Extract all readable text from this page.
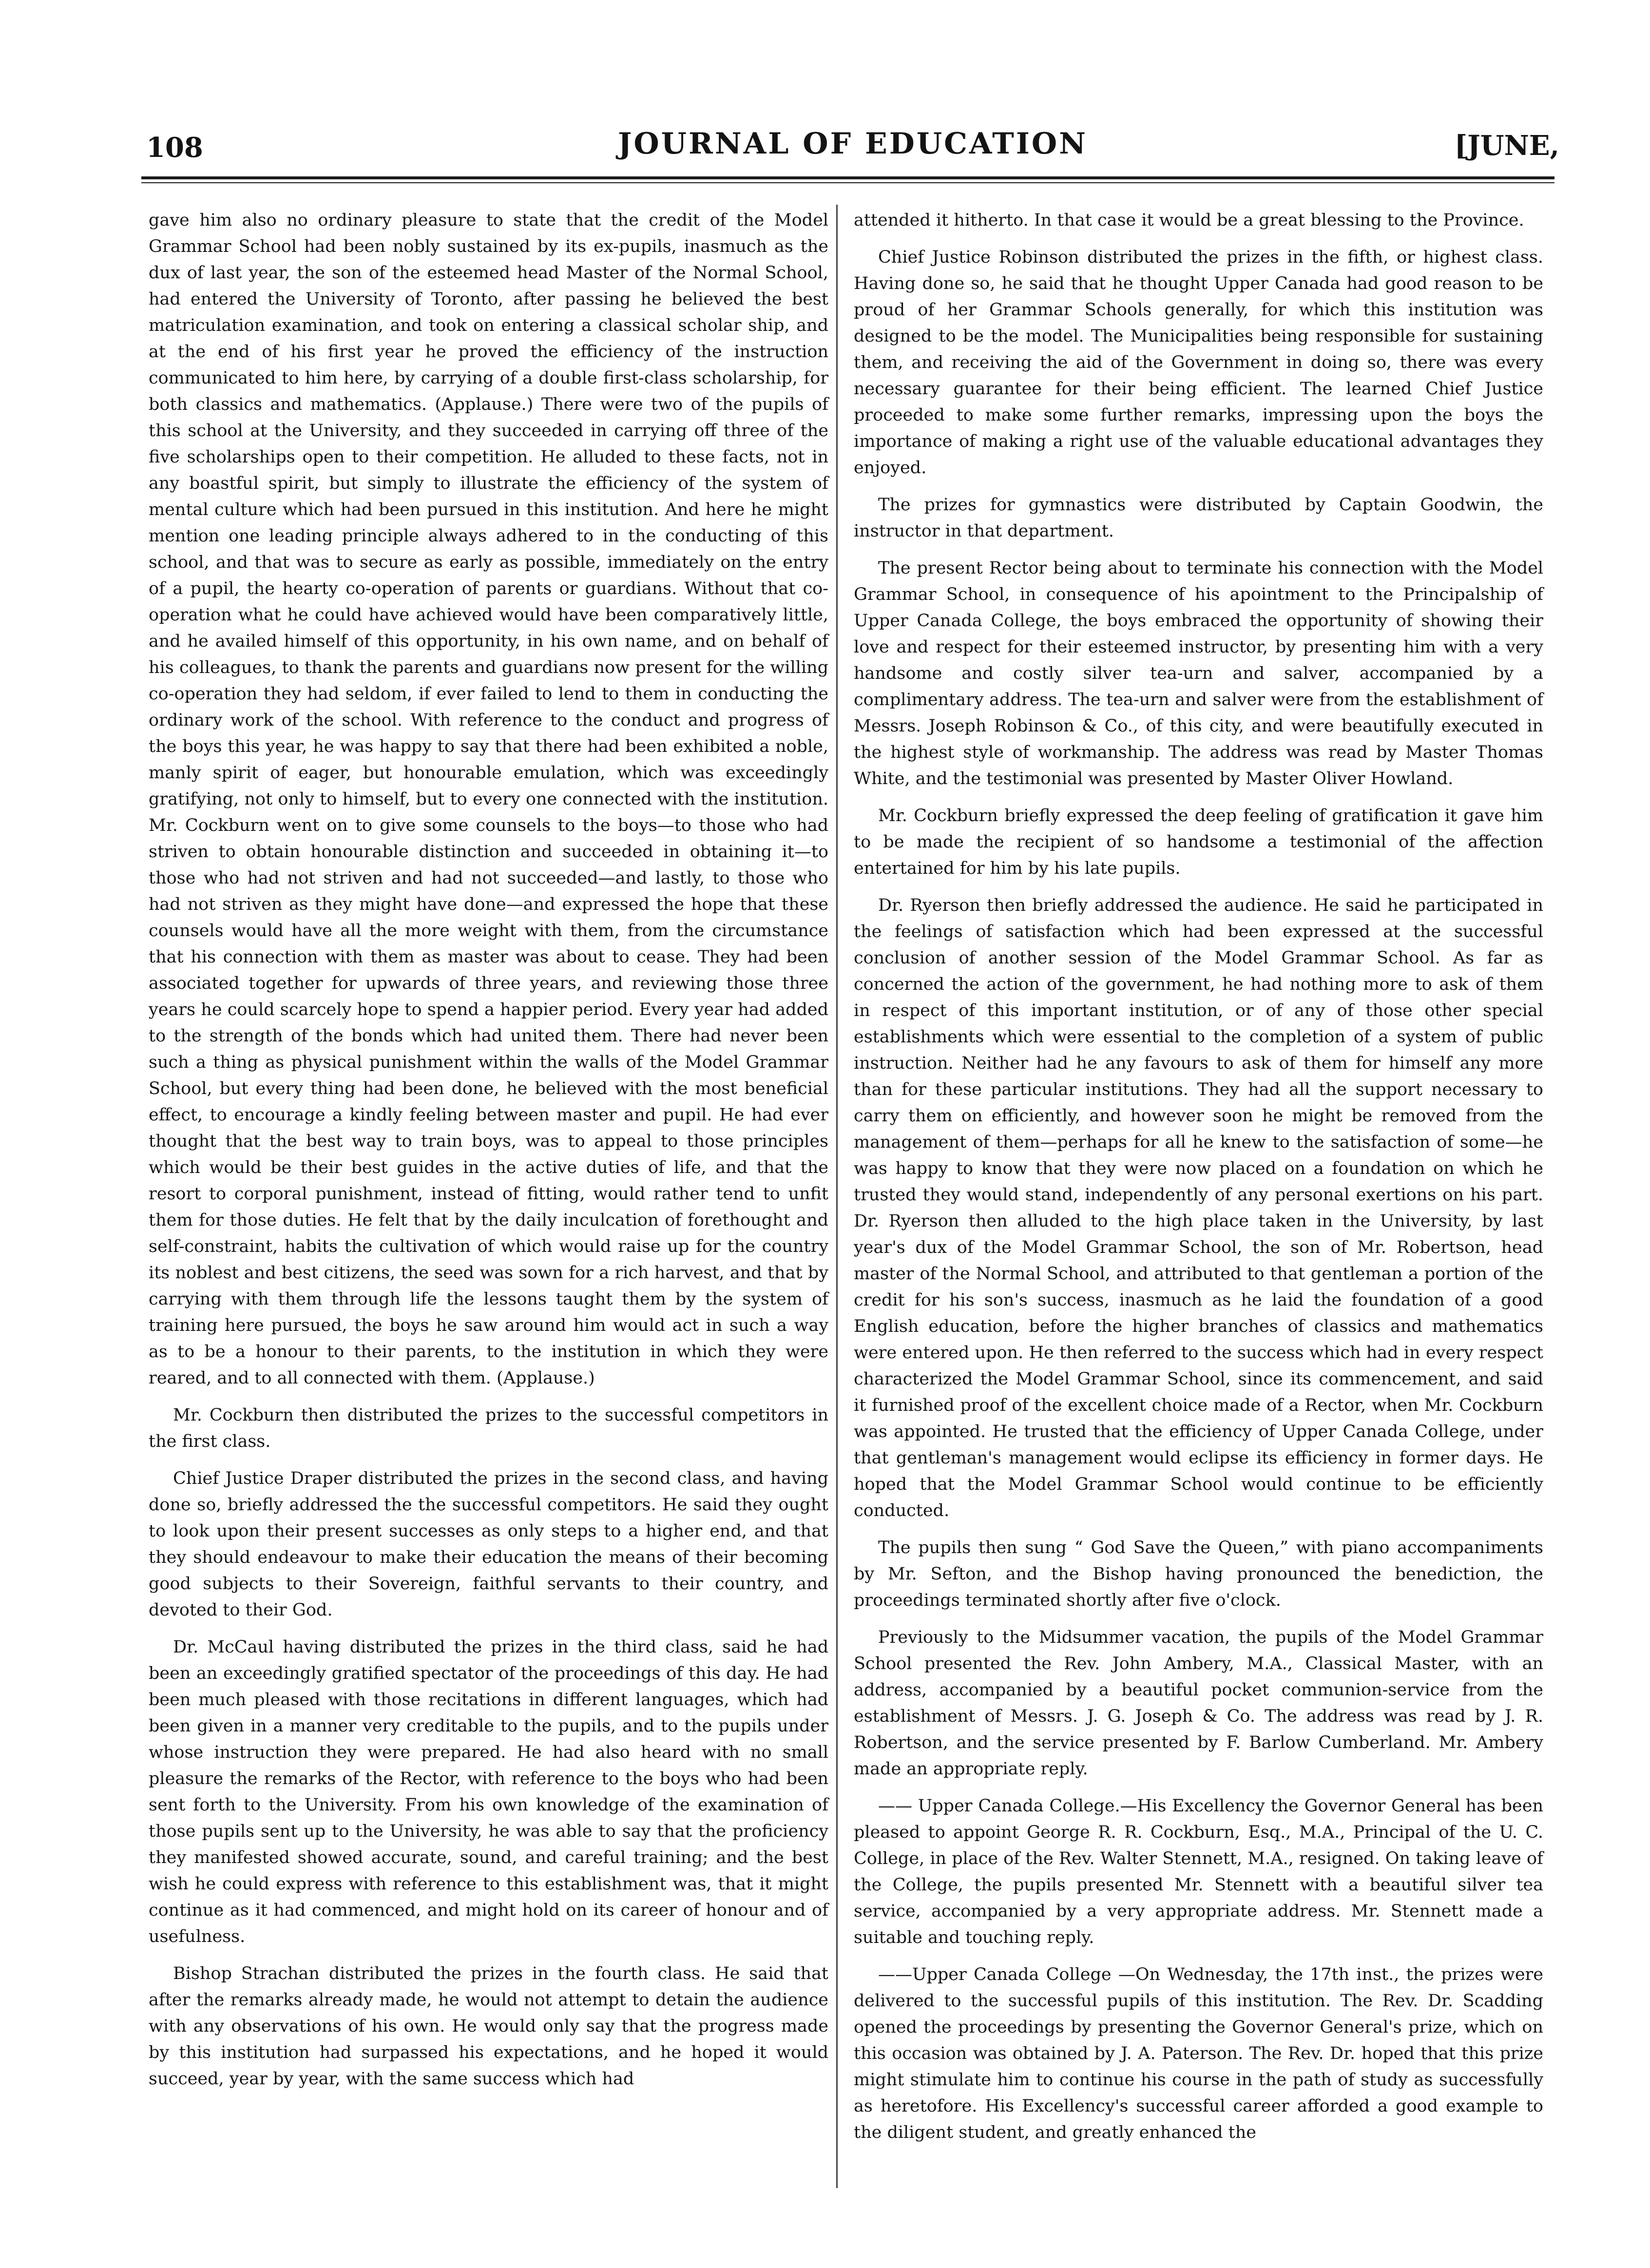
108	JOURNAL OF EDUCATION	[JUNE,

gave him also no ordinary pleasure to state that the credit of the Model Grammar School had been nobly sustained by its ex-pupils, inasmuch as the dux of last year, the son of the esteemed head Master of the Normal School, had entered the University of Toronto, after passing he believed the best matriculation examination, and took on entering a classical scholar ship, and at the end of his first year he proved the efficiency of the instruction communicated to him here, by carrying of a double first-class scholarship, for both classics and mathematics. (Applause.) There were two of the pupils of this school at the University, and they succeeded in carrying off three of the five scholarships open to their competition. He alluded to these facts, not in any boastful spirit, but simply to illustrate the efficiency of the system of mental culture which had been pursued in this institution. And here he might mention one leading principle always adhered to in the conducting of this school, and that was to secure as early as possible, immediately on the entry of a pupil, the hearty co-operation of parents or guardians. Without that co-operation what he could have achieved would have been comparatively little, and he availed himself of this opportunity, in his own name, and on behalf of his colleagues, to thank the parents and guardians now present for the willing co-operation they had seldom, if ever failed to lend to them in conducting the ordinary work of the school. With reference to the conduct and progress of the boys this year, he was happy to say that there had been exhibited a noble, manly spirit of eager, but honourable emulation, which was exceedingly gratifying, not only to himself, but to every one connected with the institution. Mr. Cockburn went on to give some counsels to the boys—to those who had striven to obtain honourable distinction and succeeded in obtaining it—to those who had not striven and had not succeeded—and lastly, to those who had not striven as they might have done—and expressed the hope that these counsels would have all the more weight with them, from the circumstance that his connection with them as master was about to cease. They had been associated together for upwards of three years, and reviewing those three years he could scarcely hope to spend a happier period. Every year had added to the strength of the bonds which had united them. There had never been such a thing as physical punishment within the walls of the Model Grammar School, but every thing had been done, he believed with the most beneficial effect, to encourage a kindly feeling between master and pupil. He had ever thought that the best way to train boys, was to appeal to those principles which would be their best guides in the active duties of life, and that the resort to corporal punishment, instead of fitting, would rather tend to unfit them for those duties. He felt that by the daily inculcation of forethought and self-constraint, habits the cultivation of which would raise up for the country its noblest and best citizens, the seed was sown for a rich harvest, and that by carrying with them through life the lessons taught them by the system of training here pursued, the boys he saw around him would act in such a way as to be a honour to their parents, to the institution in which they were reared, and to all connected with them. (Applause.)

Mr. Cockburn then distributed the prizes to the successful competitors in the first class.

Chief Justice Draper distributed the prizes in the second class, and having done so, briefly addressed the the successful competitors. He said they ought to look upon their present successes as only steps to a higher end, and that they should endeavour to make their education the means of their becoming good subjects to their Sovereign, faithful servants to their country, and devoted to their God.

Dr. McCaul having distributed the prizes in the third class, said he had been an exceedingly gratified spectator of the proceedings of this day. He had been much pleased with those recitations in different languages, which had been given in a manner very creditable to the pupils, and to the pupils under whose instruction they were prepared. He had also heard with no small pleasure the remarks of the Rector, with reference to the boys who had been sent forth to the University. From his own knowledge of the examination of those pupils sent up to the University, he was able to say that the proficiency they manifested showed accurate, sound, and careful training; and the best wish he could express with reference to this establishment was, that it might continue as it had commenced, and might hold on its career of honour and of usefulness.

Bishop Strachan distributed the prizes in the fourth class. He said that after the remarks already made, he would not attempt to detain the audience with any observations of his own. He would only say that the progress made by this institution had surpassed his expectations, and he hoped it would succeed, year by year, with the same success which had

attended it hitherto. In that case it would be a great blessing to the Province.

Chief Justice Robinson distributed the prizes in the fifth, or highest class. Having done so, he said that he thought Upper Canada had good reason to be proud of her Grammar Schools generally, for which this institution was designed to be the model. The Municipalities being responsible for sustaining them, and receiving the aid of the Government in doing so, there was every necessary guarantee for their being efficient. The learned Chief Justice proceeded to make some further remarks, impressing upon the boys the importance of making a right use of the valuable educational advantages they enjoyed.

The prizes for gymnastics were distributed by Captain Goodwin, the instructor in that department.

The present Rector being about to terminate his connection with the Model Grammar School, in consequence of his apointment to the Principalship of Upper Canada College, the boys embraced the opportunity of showing their love and respect for their esteemed instructor, by presenting him with a very handsome and costly silver tea-urn and salver, accompanied by a complimentary address. The tea-urn and salver were from the establishment of Messrs. Joseph Robinson & Co., of this city, and were beautifully executed in the highest style of workmanship. The address was read by Master Thomas White, and the testimonial was presented by Master Oliver Howland.

Mr. Cockburn briefly expressed the deep feeling of gratification it gave him to be made the recipient of so handsome a testimonial of the affection entertained for him by his late pupils.

Dr. Ryerson then briefly addressed the audience. He said he participated in the feelings of satisfaction which had been expressed at the successful conclusion of another session of the Model Grammar School. As far as concerned the action of the government, he had nothing more to ask of them in respect of this important institution, or of any of those other special establishments which were essential to the completion of a system of public instruction. Neither had he any favours to ask of them for himself any more than for these particular institutions. They had all the support necessary to carry them on efficiently, and however soon he might be removed from the management of them—perhaps for all he knew to the satisfaction of some—he was happy to know that they were now placed on a foundation on which he trusted they would stand, independently of any personal exertions on his part. Dr. Ryerson then alluded to the high place taken in the University, by last year's dux of the Model Grammar School, the son of Mr. Robertson, head master of the Normal School, and attributed to that gentleman a portion of the credit for his son's success, inasmuch as he laid the foundation of a good English education, before the higher branches of classics and mathematics were entered upon. He then referred to the success which had in every respect characterized the Model Grammar School, since its commencement, and said it furnished proof of the excellent choice made of a Rector, when Mr. Cockburn was appointed. He trusted that the efficiency of Upper Canada College, under that gentleman's management would eclipse its efficiency in former days. He hoped that the Model Grammar School would continue to be efficiently conducted.

The pupils then sung “ God Save the Queen,” with piano accompaniments by Mr. Sefton, and the Bishop having pronounced the benediction, the proceedings terminated shortly after five o'clock.

Previously to the Midsummer vacation, the pupils of the Model Grammar School presented the Rev. John Ambery, M.A., Classical Master, with an address, accompanied by a beautiful pocket communion-service from the establishment of Messrs. J. G. Joseph & Co. The address was read by J. R. Robertson, and the service presented by F. Barlow Cumberland. Mr. Ambery made an appropriate reply.

—— Upper Canada College.—His Excellency the Governor General has been pleased to appoint George R. R. Cockburn, Esq., M.A., Principal of the U. C. College, in place of the Rev. Walter Stennett, M.A., resigned. On taking leave of the College, the pupils presented Mr. Stennett with a beautiful silver tea service, accompanied by a very appropriate address. Mr. Stennett made a suitable and touching reply.

——Upper Canada College —On Wednesday, the 17th inst., the prizes were delivered to the successful pupils of this institution. The Rev. Dr. Scadding opened the proceedings by presenting the Governor General's prize, which on this occasion was obtained by J. A. Paterson. The Rev. Dr. hoped that this prize might stimulate him to continue his course in the path of study as successfully as heretofore. His Excellency's successful career afforded a good example to the diligent student, and greatly enhanced the
